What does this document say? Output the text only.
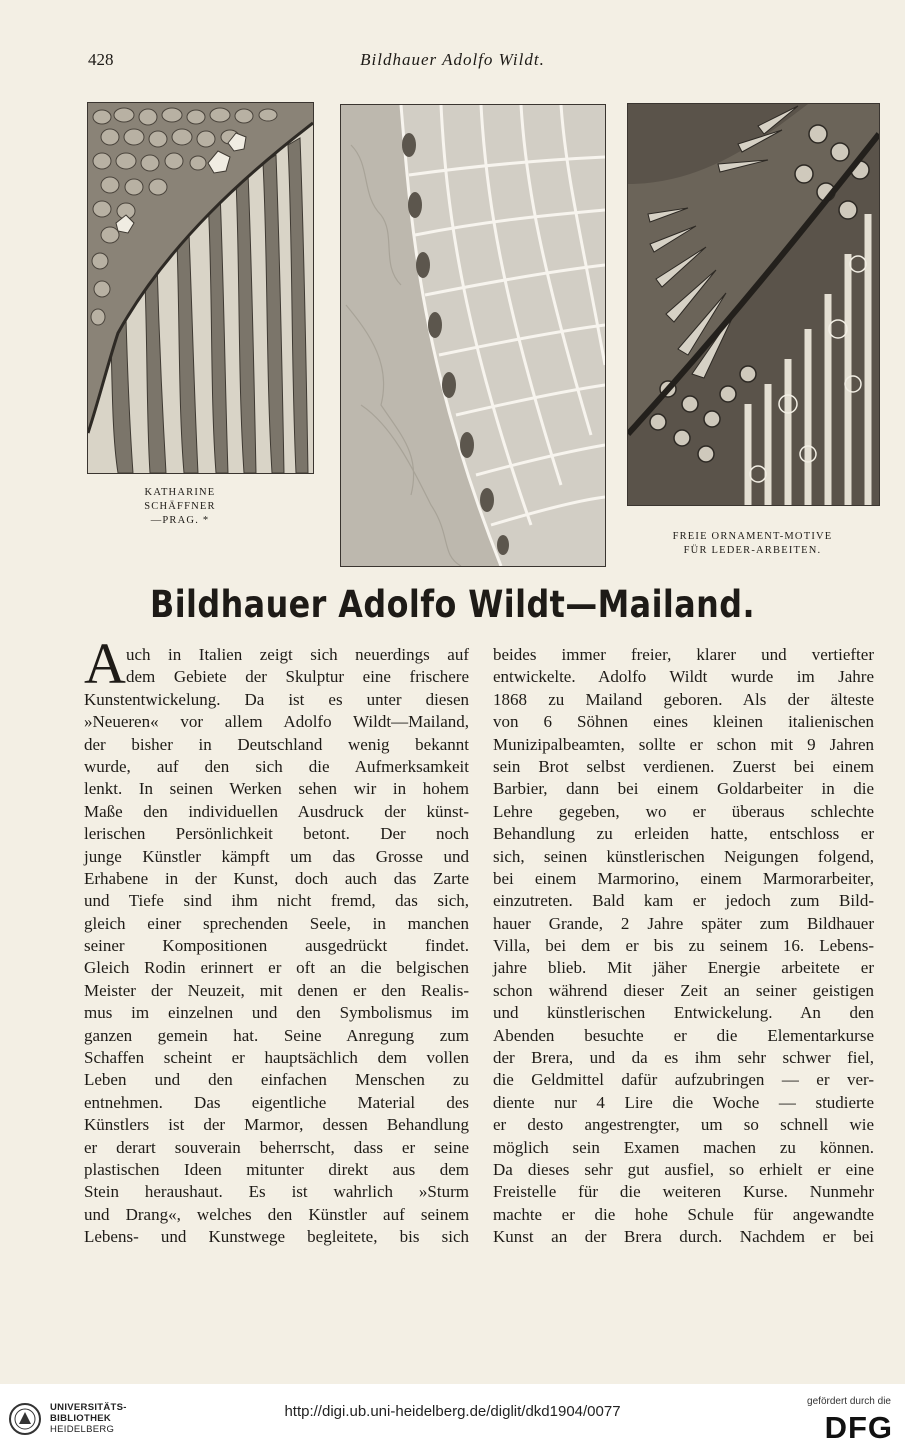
428	Bildhauer Adolfo Wildt.
KATHARINE
SCHÄFFNER
—PRAG. *
FREIE ORNAMENT-MOTIVE
FÜR LEDER-ARBEITEN.
Bildhauer Adolfo Wildt—Mailand.
A uch in Italien zeigt sich neuerdings auf
dem Gebiete der Skulptur eine frischere
Kunstentwickelung. Da ist es unter diesen
»Neueren« vor allem Adolfo Wildt—Mailand,
der bisher in Deutschland wenig bekannt
wurde, auf den sich die Aufmerksamkeit
lenkt. In seinen Werken sehen wir in hohem
Maße den individuellen Ausdruck der künst-
lerischen Persönlichkeit betont. Der noch
junge Künstler kämpft um das Grosse und
Erhabene in der Kunst, doch auch das Zarte
und Tiefe sind ihm nicht fremd, das sich,
gleich einer sprechenden Seele, in manchen
seiner Kompositionen ausgedrückt findet.
Gleich Rodin erinnert er oft an die belgischen
Meister der Neuzeit, mit denen er den Realis-
mus im einzelnen und den Symbolismus im
ganzen gemein hat. Seine Anregung zum
Schaffen scheint er hauptsächlich dem vollen
Leben und den einfachen Menschen zu
entnehmen. Das eigentliche Material des
Künstlers ist der Marmor, dessen Behandlung
er derart souverain beherrscht, dass er seine
plastischen Ideen mitunter direkt aus dem
Stein heraushaut. Es ist wahrlich »Sturm
und Drang«, welches den Künstler auf seinem
Lebens- und Kunstwege begleitete, bis sich
beides immer freier, klarer und vertiefter
entwickelte. Adolfo Wildt wurde im Jahre
1868 zu Mailand geboren. Als der älteste
von 6 Söhnen eines kleinen italienischen
Munizipalbeamten, sollte er schon mit 9 Jahren
sein Brot selbst verdienen. Zuerst bei einem
Barbier, dann bei einem Goldarbeiter in die
Lehre gegeben, wo er überaus schlechte
Behandlung zu erleiden hatte, entschloss er
sich, seinen künstlerischen Neigungen folgend,
bei einem Marmorino, einem Marmorarbeiter,
einzutreten. Bald kam er jedoch zum Bild-
hauer Grande, 2 Jahre später zum Bildhauer
Villa, bei dem er bis zu seinem 16. Lebens-
jahre blieb. Mit jäher Energie arbeitete er
schon während dieser Zeit an seiner geistigen
und künstlerischen Entwickelung. An den
Abenden besuchte er die Elementarkurse
der Brera, und da es ihm sehr schwer fiel,
die Geldmittel dafür aufzubringen — er ver-
diente nur 4 Lire die Woche — studierte
er desto angestrengter, um so schnell wie
möglich sein Examen machen zu können.
Da dieses sehr gut ausfiel, so erhielt er eine
Freistelle für die weiteren Kurse. Nunmehr
machte er die hohe Schule für angewandte
Kunst an der Brera durch. Nachdem er bei
UNIVERSITÄTS-
BIBLIOTHEK
HEIDELBERG
http://digi.ub.uni-heidelberg.de/diglit/dkd1904/0077
gefördert durch die
DFG
